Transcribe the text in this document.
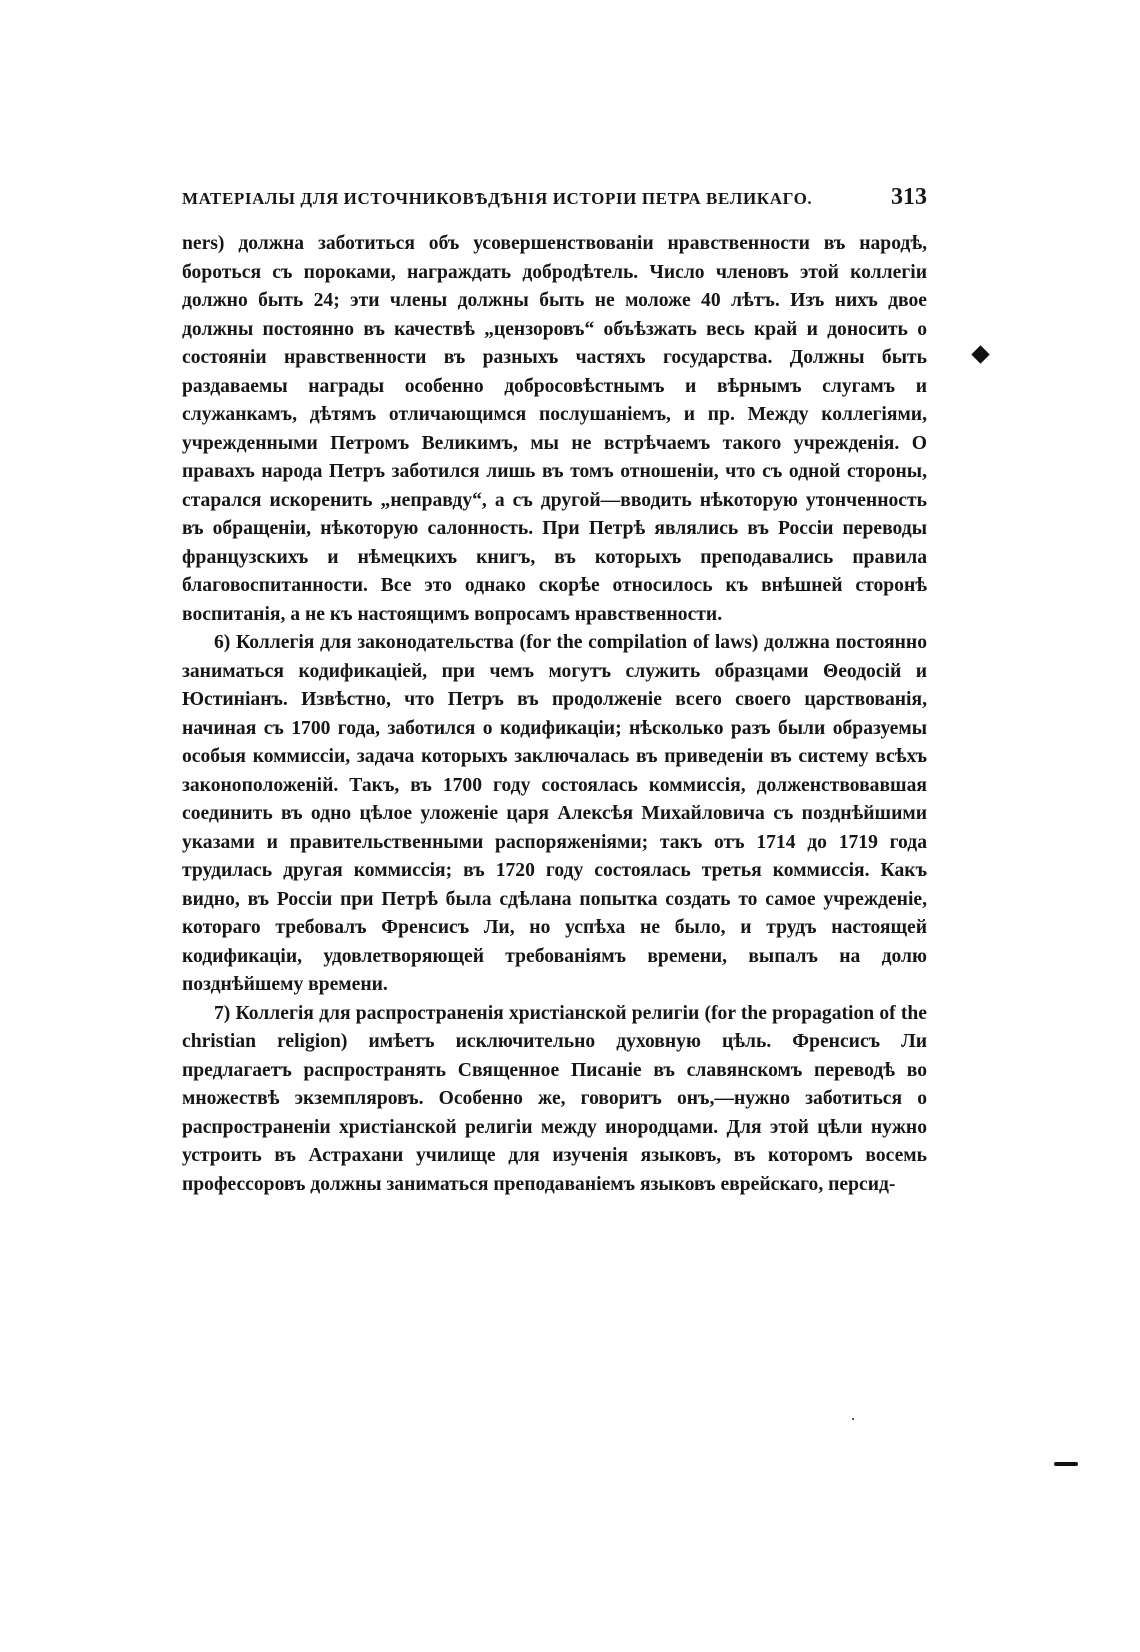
МАТЕРІАЛЫ ДЛЯ ИСТОЧНИКОВѢДѢНІЯ ИСТОРІИ ПЕТРА ВЕЛИКАГО.	313

ners) должна заботиться объ усовершенствованіи нравственности въ народѣ, бороться съ пороками, награждать добродѣтель. Число членовъ этой коллегіи должно быть 24; эти члены должны быть не моложе 40 лѣтъ. Изъ нихъ двое должны постоянно въ качествѣ „цензоровъ“ объѣзжать весь край и доносить о состояніи нравственности въ разныхъ частяхъ государства. Должны быть раздаваемы награды особенно добросовѣстнымъ и вѣрнымъ слугамъ и служанкамъ, дѣтямъ отличающимся послушаніемъ, и пр. Между коллегіями, учрежденными Петромъ Великимъ, мы не встрѣчаемъ такого учрежденія. О правахъ народа Петръ заботился лишь въ томъ отношеніи, что съ одной стороны, старался искоренить „неправду“, а съ другой—вводить нѣкоторую утонченность въ обращеніи, нѣкоторую салонность. При Петрѣ являлись въ Россіи переводы французскихъ и нѣмецкихъ книгъ, въ которыхъ преподавались правила благовоспитанности. Все это однако скорѣе относилось къ внѣшней сторонѣ воспитанія, а не къ настоящимъ вопросамъ нравственности.

6) Коллегія для законодательства (for the compilation of laws) должна постоянно заниматься кодификаціей, при чемъ могутъ служить образцами Θеодосій и Юстиніанъ. Извѣстно, что Петръ въ продолженіе всего своего царствованія, начиная съ 1700 года, заботился о кодификаціи; нѣсколько разъ были образуемы особыя коммиссіи, задача которыхъ заключалась въ приведеніи въ систему всѣхъ законоположеній. Такъ, въ 1700 году состоялась коммиссія, долженствовавшая соединить въ одно цѣлое уложеніе царя Алексѣя Михайловича съ позднѣйшими указами и правительственными распоряженіями; такъ отъ 1714 до 1719 года трудилась другая коммиссія; въ 1720 году состоялась третья коммиссія. Какъ видно, въ Россіи при Петрѣ была сдѣлана попытка создать то самое учрежденіе, котораго требовалъ Френсисъ Ли, но успѣха не было, и трудъ настоящей кодификаціи, удовлетворяющей требованіямъ времени, выпалъ на долю позднѣйшему времени.

7) Коллегія для распространенія христіанской религіи (for the propagation of the christian religion) имѣетъ исключительно духовную цѣль. Френсисъ Ли предлагаетъ распространять Священное Писаніе въ славянскомъ переводѣ во множествѣ экземпляровъ. Особенно же, говоритъ онъ,—нужно заботиться о распространеніи христіанской религіи между инородцами. Для этой цѣли нужно устроить въ Астрахани училище для изученія языковъ, въ которомъ восемь профессоровъ должны заниматься преподаваніемъ языковъ еврейскаго, персид-
